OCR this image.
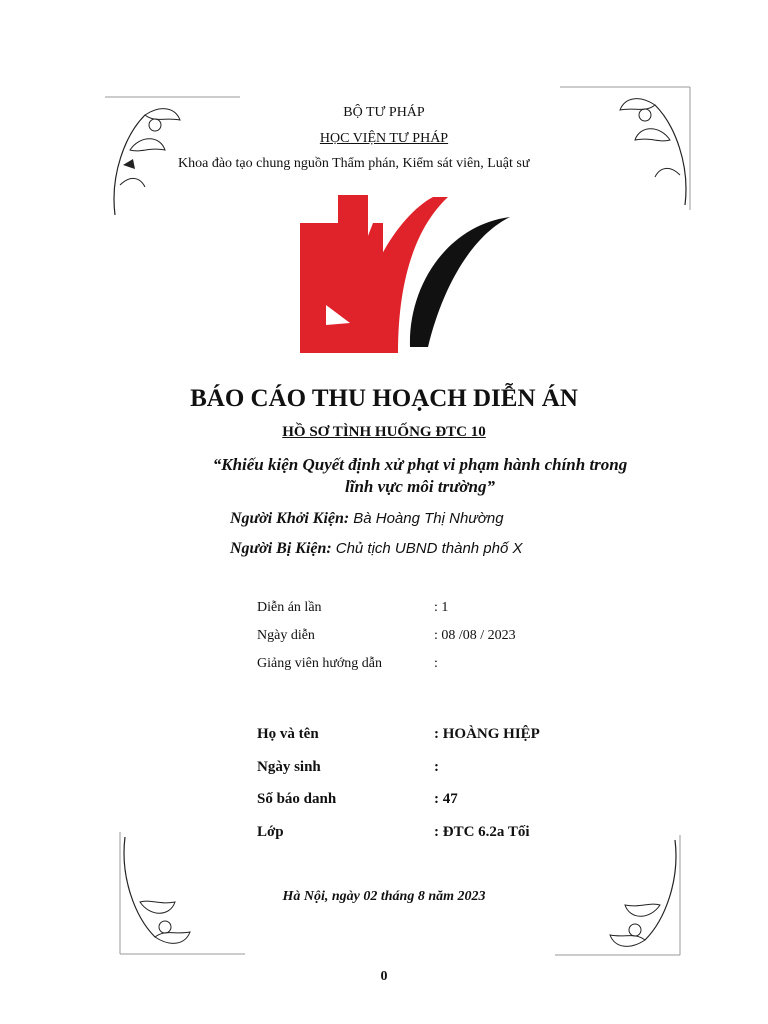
BỘ TƯ PHÁP
HỌC VIỆN TƯ PHÁP
Khoa đào tạo chung nguồn Thẩm phán, Kiểm sát viên, Luật sư
BÁO CÁO THU HOẠCH DIỄN ÁN
HỒ SƠ TÌNH HUỐNG ĐTC 10
“Khiếu kiện Quyết định xử phạt vi phạm hành chính trong
lĩnh vực môi trường”
Người Khởi Kiện: Bà Hoàng Thị Nhường
Người Bị Kiện: Chủ tịch UBND thành phố X
Diễn án lần	: 1
Ngày diễn	: 08 /08 / 2023
Giảng viên hướng dẫn	:
Họ và tên	: HOÀNG HIỆP
Ngày sinh	:
Số báo danh	: 47
Lớp	: ĐTC 6.2a Tối
Hà Nội, ngày 02 tháng 8 năm 2023
0
